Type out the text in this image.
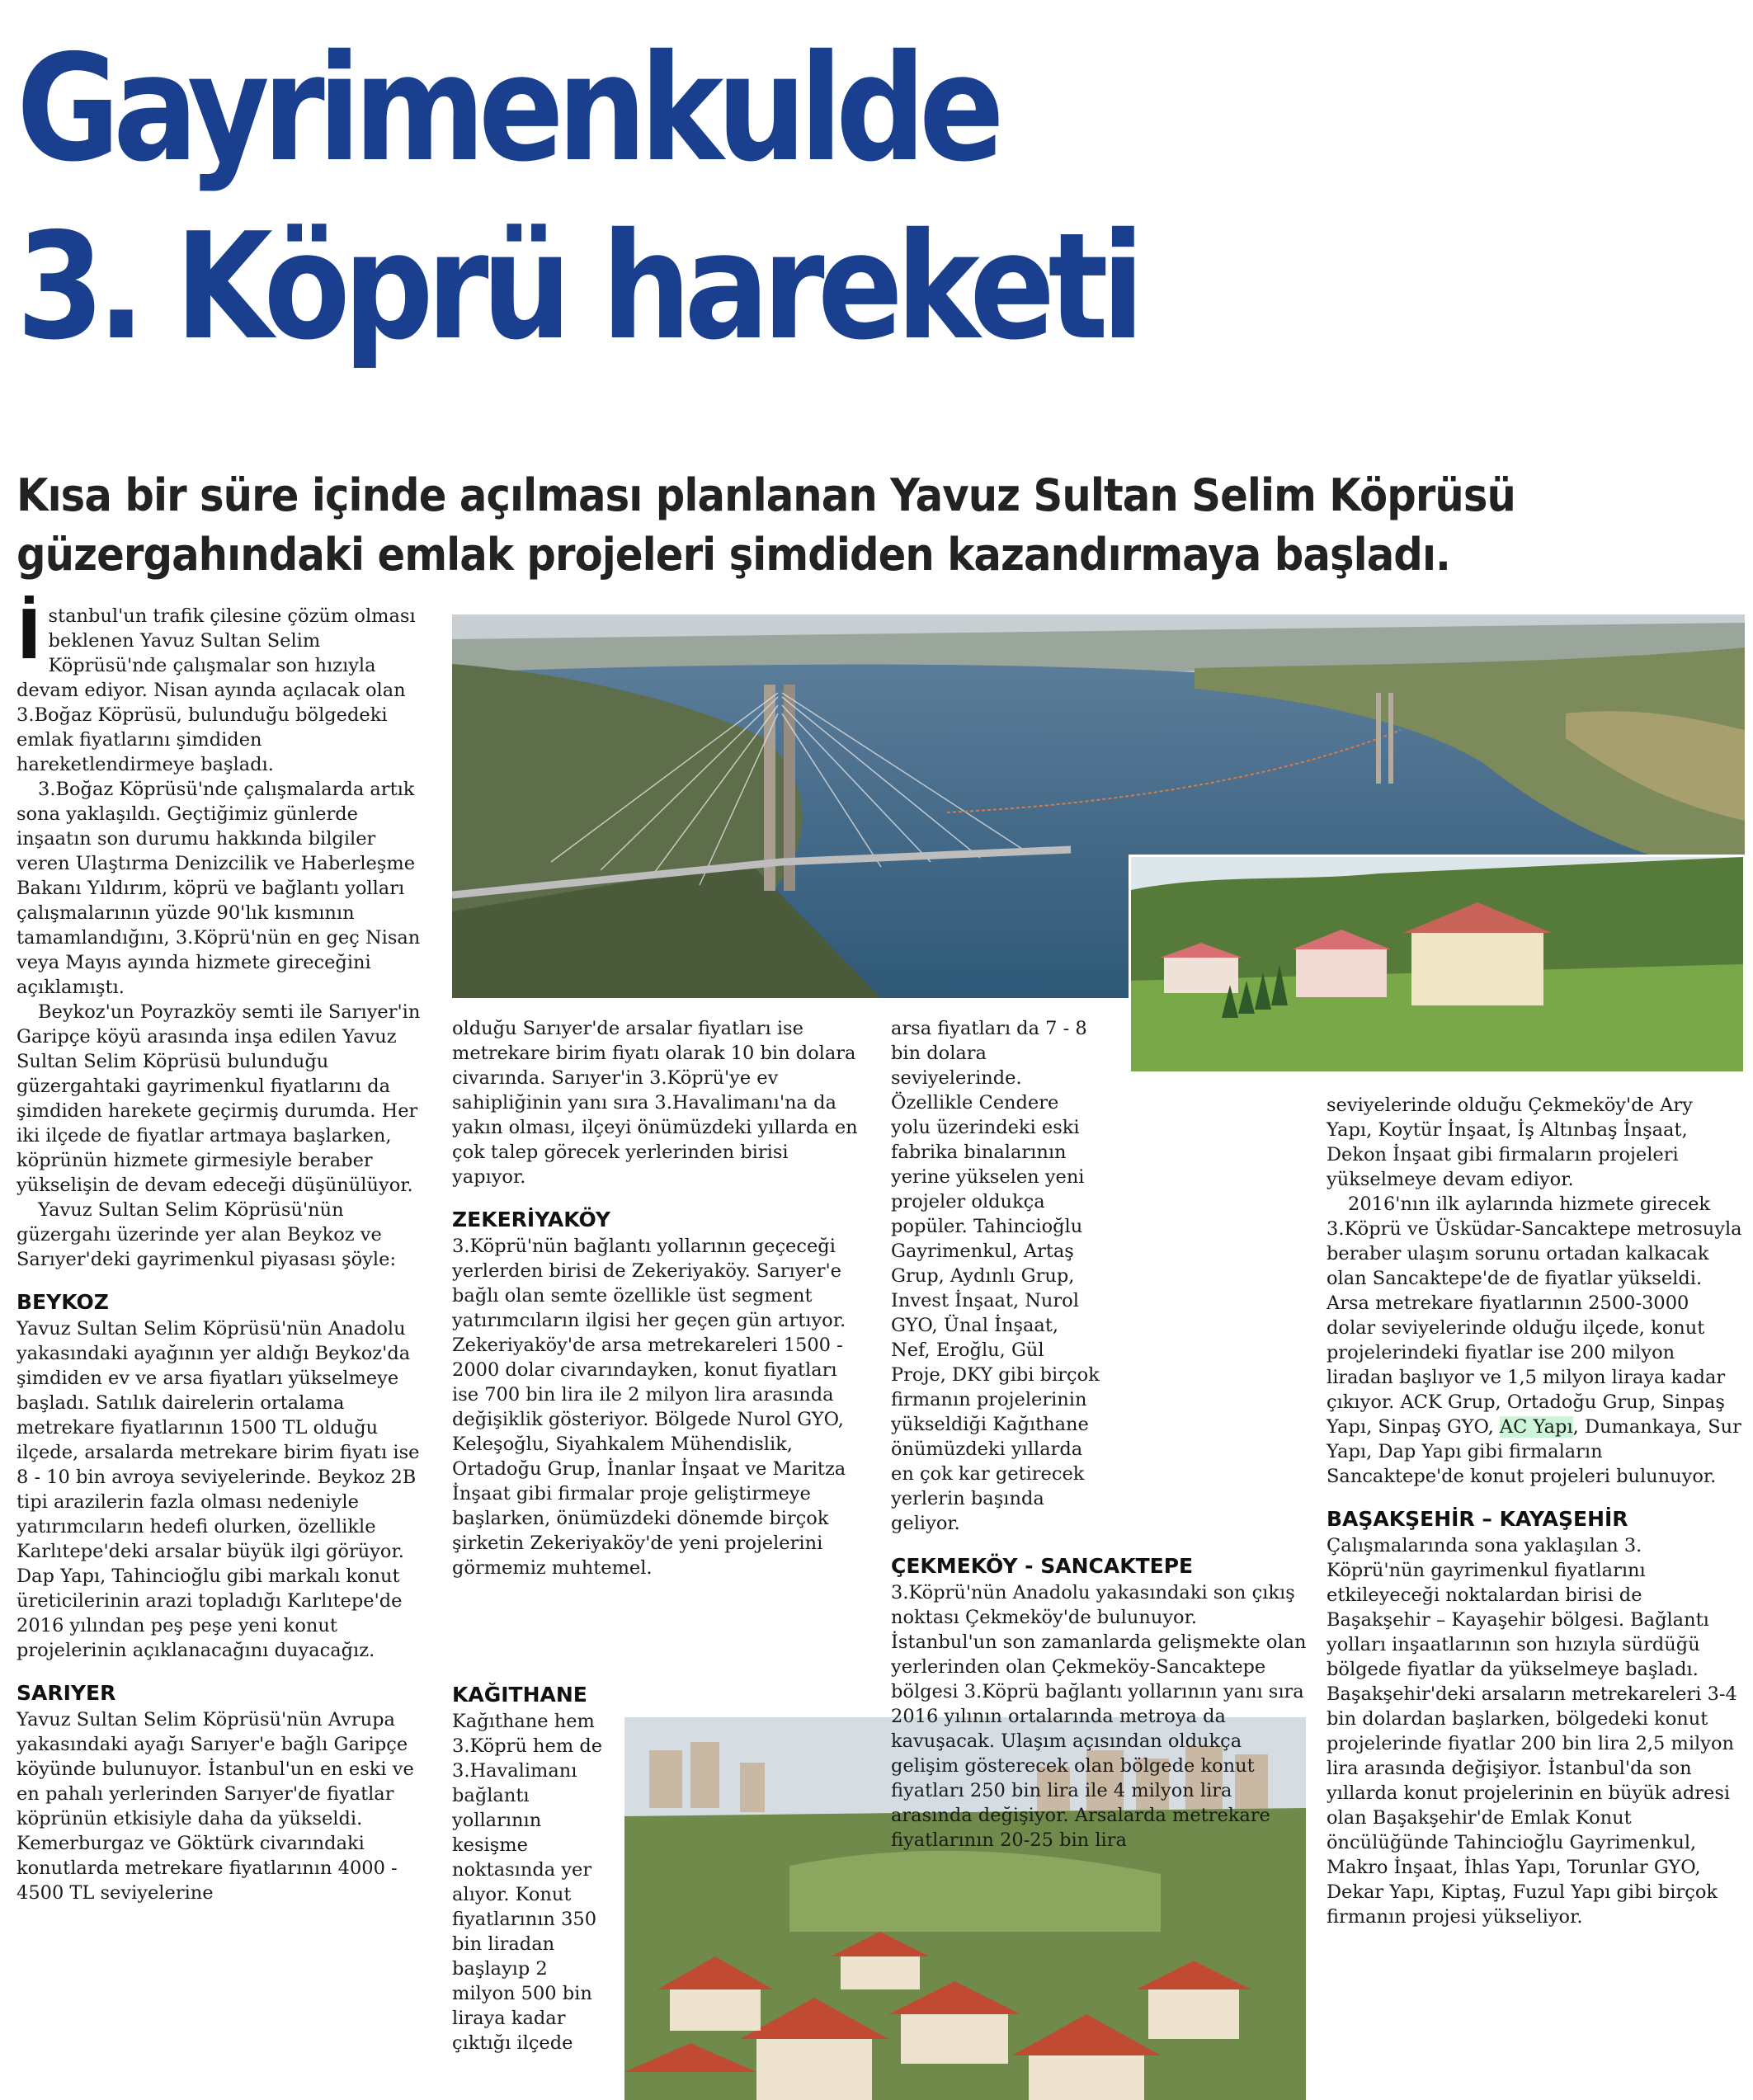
Gayrimenkulde
3. Köprü hareketi
Kısa bir süre içinde açılması planlanan Yavuz Sultan Selim Köprüsü
güzergahındaki emlak projeleri şimdiden kazandırmaya başladı.
İ stanbul'un trafik çilesine çözüm olması beklenen Yavuz Sultan Selim Köprüsü'nde çalışmalar son hızıyla devam ediyor. Nisan ayında açılacak olan 3.Boğaz Köprüsü, bulunduğu bölgedeki emlak fiyatlarını şimdiden hareketlendirmeye başladı.

3.Boğaz Köprüsü'nde çalışmalarda artık sona yaklaşıldı. Geçtiğimiz günlerde inşaatın son durumu hakkında bilgiler veren Ulaştırma Denizcilik ve Haberleşme Bakanı Yıldırım, köprü ve bağlantı yolları çalışmalarının yüzde 90'lık kısmının tamamlandığını, 3.Köprü'nün en geç Nisan veya Mayıs ayında hizmete gireceğini açıklamıştı.

Beykoz'un Poyrazköy semti ile Sarıyer'in Garipçe köyü arasında inşa edilen Yavuz Sultan Selim Köprüsü bulunduğu güzergahtaki gayrimenkul fiyatlarını da şimdiden harekete geçirmiş durumda. Her iki ilçede de fiyatlar artmaya başlarken, köprünün hizmete girmesiyle beraber yükselişin de devam edeceği düşünülüyor.

Yavuz Sultan Selim Köprüsü'nün güzergahı üzerinde yer alan Beykoz ve Sarıyer'deki gayrimenkul piyasası şöyle:

BEYKOZ

Yavuz Sultan Selim Köprüsü'nün Anadolu yakasındaki ayağının yer aldığı Beykoz'da şimdiden ev ve arsa fiyatları yükselmeye başladı. Satılık dairelerin ortalama metrekare fiyatlarının 1500 TL olduğu ilçede, arsalarda metrekare birim fiyatı ise 8 - 10 bin avroya seviyelerinde. Beykoz 2B tipi arazilerin fazla olması nedeniyle yatırımcıların hedefi olurken, özellikle Karlıtepe'deki arsalar büyük ilgi görüyor. Dap Yapı, Tahincioğlu gibi markalı konut üreticilerinin arazi topladığı Karlıtepe'de 2016 yılından peş peşe yeni konut projelerinin açıklanacağını duyacağız.

SARIYER

Yavuz Sultan Selim Köprüsü'nün Avrupa yakasındaki ayağı Sarıyer'e bağlı Garipçe köyünde bulunuyor. İstanbul'un en eski ve en pahalı yerlerinden Sarıyer'de fiyatlar köprünün etkisiyle daha da yükseldi. Kemerburgaz ve Göktürk civarındaki konutlarda metrekare fiyatlarının 4000 - 4500 TL seviyelerine

olduğu Sarıyer'de arsalar fiyatları ise metrekare birim fiyatı olarak 10 bin dolara civarında. Sarıyer'in 3.Köprü'ye ev sahipliğinin yanı sıra 3.Havalimanı'na da yakın olması, ilçeyi önümüzdeki yıllarda en çok talep görecek yerlerinden birisi yapıyor.

ZEKERİYAKÖY

3.Köprü'nün bağlantı yollarının geçeceği yerlerden birisi de Zekeriyaköy. Sarıyer'e bağlı olan semte özellikle üst segment yatırımcıların ilgisi her geçen gün artıyor. Zekeriyaköy'de arsa metrekareleri 1500 - 2000 dolar civarındayken, konut fiyatları ise 700 bin lira ile 2 milyon lira arasında değişiklik gösteriyor. Bölgede Nurol GYO, Keleşoğlu, Siyahkalem Mühendislik, Ortadoğu Grup, İnanlar İnşaat ve Maritza İnşaat gibi firmalar proje geliştirmeye başlarken, önümüzdeki dönemde birçok şirketin Zekeriyaköy'de yeni projelerini görmemiz muhtemel.

KAĞITHANE

Kağıthane hem 3.Köprü hem de 3.Havalimanı bağlantı yollarının kesişme noktasında yer alıyor. Konut fiyatlarının 350 bin liradan başlayıp 2 milyon 500 bin liraya kadar çıktığı ilçede

arsa fiyatları da 7 - 8 bin dolara seviyelerinde. Özellikle Cendere yolu üzerindeki eski fabrika binalarının yerine yükselen yeni projeler oldukça popüler. Tahincioğlu Gayrimenkul, Artaş Grup, Aydınlı Grup, Invest İnşaat, Nurol GYO, Ünal İnşaat, Nef, Eroğlu, Gül Proje, DKY gibi birçok firmanın projelerinin yükseldiği Kağıthane önümüzdeki yıllarda en çok kar getirecek yerlerin başında geliyor.

ÇEKMEKÖY - SANCAKTEPE

3.Köprü'nün Anadolu yakasındaki son çıkış noktası Çekmeköy'de bulunuyor. İstanbul'un son zamanlarda gelişmekte olan yerlerinden olan Çekmeköy-Sancaktepe bölgesi 3.Köprü bağlantı yollarının yanı sıra 2016 yılının ortalarında metroya da kavuşacak. Ulaşım açısından oldukça gelişim gösterecek olan bölgede konut fiyatları 250 bin lira ile 4 milyon lira arasında değişiyor. Arsalarda metrekare fiyatlarının 20-25 bin lira

seviyelerinde olduğu Çekmeköy'de Ary Yapı, Koytür İnşaat, İş Altınbaş İnşaat, Dekon İnşaat gibi firmaların projeleri yükselmeye devam ediyor.

2016'nın ilk aylarında hizmete girecek 3.Köprü ve Üsküdar-Sancaktepe metrosuyla beraber ulaşım sorunu ortadan kalkacak olan Sancaktepe'de de fiyatlar yükseldi. Arsa metrekare fiyatlarının 2500-3000 dolar seviyelerinde olduğu ilçede, konut projelerindeki fiyatlar ise 200 milyon liradan başlıyor ve 1,5 milyon liraya kadar çıkıyor. ACK Grup, Ortadoğu Grup, Sinpaş Yapı, Sinpaş GYO, AC Yapı, Dumankaya, Sur Yapı, Dap Yapı gibi firmaların Sancaktepe'de konut projeleri bulunuyor.

BAŞAKŞEHİR – KAYAŞEHİR

Çalışmalarında sona yaklaşılan 3. Köprü'nün gayrimenkul fiyatlarını etkileyeceği noktalardan birisi de Başakşehir – Kayaşehir bölgesi. Bağlantı yolları inşaatlarının son hızıyla sürdüğü bölgede fiyatlar da yükselmeye başladı. Başakşehir'deki arsaların metrekareleri 3-4 bin dolardan başlarken, bölgedeki konut projelerinde fiyatlar 200 bin lira 2,5 milyon lira arasında değişiyor. İstanbul'da son yıllarda konut projelerinin en büyük adresi olan Başakşehir'de Emlak Konut öncülüğünde Tahincioğlu Gayrimenkul, Makro İnşaat, İhlas Yapı, Torunlar GYO, Dekar Yapı, Kiptaş, Fuzul Yapı gibi birçok firmanın projesi yükseliyor.
